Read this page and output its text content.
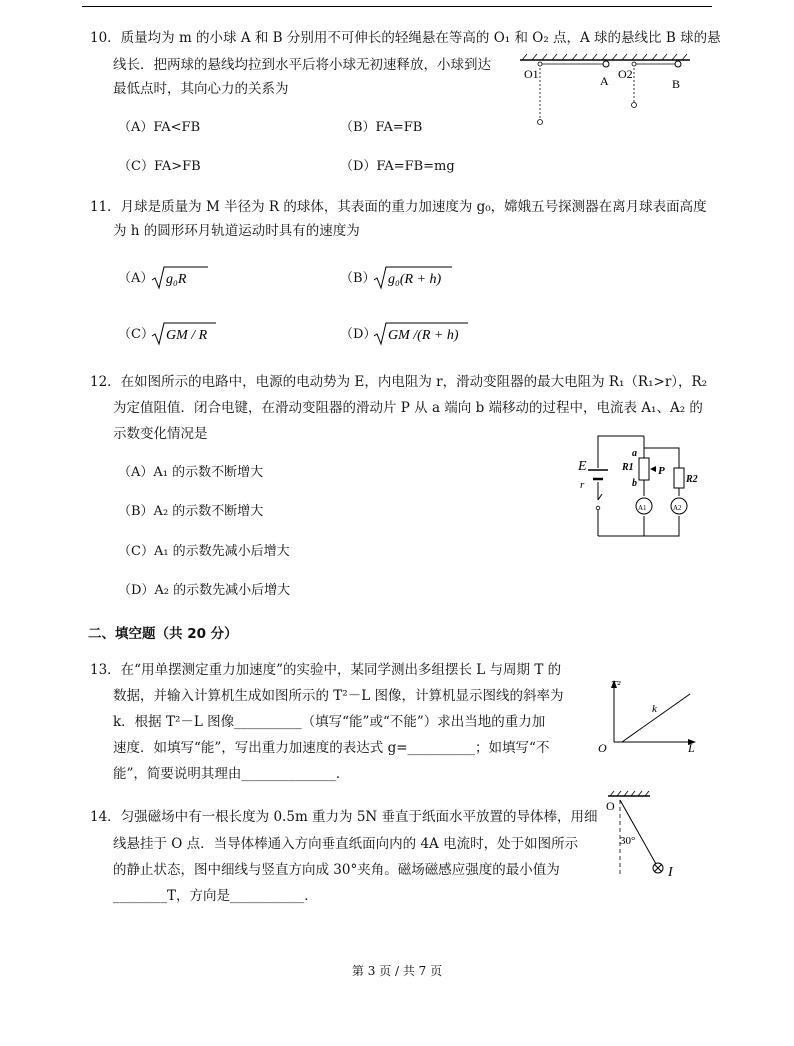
10．质量均为 m 的小球 A 和 B 分别用不可伸长的轻绳悬在等高的 O₁ 和 O₂ 点，A 球的悬线比 B 球的悬
线长．把两球的悬线均拉到水平后将小球无初速释放，小球到达
最低点时，其向心力的关系为
（A）FA<FB	（B）FA=FB
（C）FA>FB	（D）FA=FB=mg
O1	A O2
B
11．月球是质量为 M 半径为 R 的球体，其表面的重力加速度为 g₀，嫦娥五号探测器在离月球表面高度
为 h 的圆形环月轨道运动时具有的速度为
（A） g₀R	（B） g₀(R + h)
（C） GM / R	（D） GM /(R + h)
12．在如图所示的电路中，电源的电动势为 E，内电阻为 r，滑动变阻器的最大电阻为 R₁（R₁>r），R₂
为定值阻值．闭合电键，在滑动变阻器的滑动片 P 从 a 端向 b 端移动的过程中，电流表 A₁、A₂ 的
示数变化情况是
（A）A₁ 的示数不断增大
（B）A₂ 的示数不断增大
（C）A₁ 的示数先减小后增大
（D）A₂ 的示数先减小后增大
E
r
a
R1 P
b	R2
A1	A2
二、填空题（共 20 分）
13．在“用单摆测定重力加速度”的实验中，某同学测出多组摆长 L 与周期 T 的
数据，并输入计算机生成如图所示的 T²－L 图像，计算机显示图线的斜率为
k．根据 T²－L 图像__________（填写“能”或“不能”）求出当地的重力加
速度．如填写“能”，写出重力加速度的表达式 g=__________；如填写“不
能”，简要说明其理由______________．
T²
k
O	L
14．匀强磁场中有一根长度为 0.5m 重力为 5N 垂直于纸面水平放置的导体棒，用细
线悬挂于 O 点．当导体棒通入方向垂直纸面向内的 4A 电流时，处于如图所示
的静止状态，图中细线与竖直方向成 30°夹角。磁场磁感应强度的最小值为
________T，方向是___________．
O
30°
I
第 3 页 / 共 7 页
